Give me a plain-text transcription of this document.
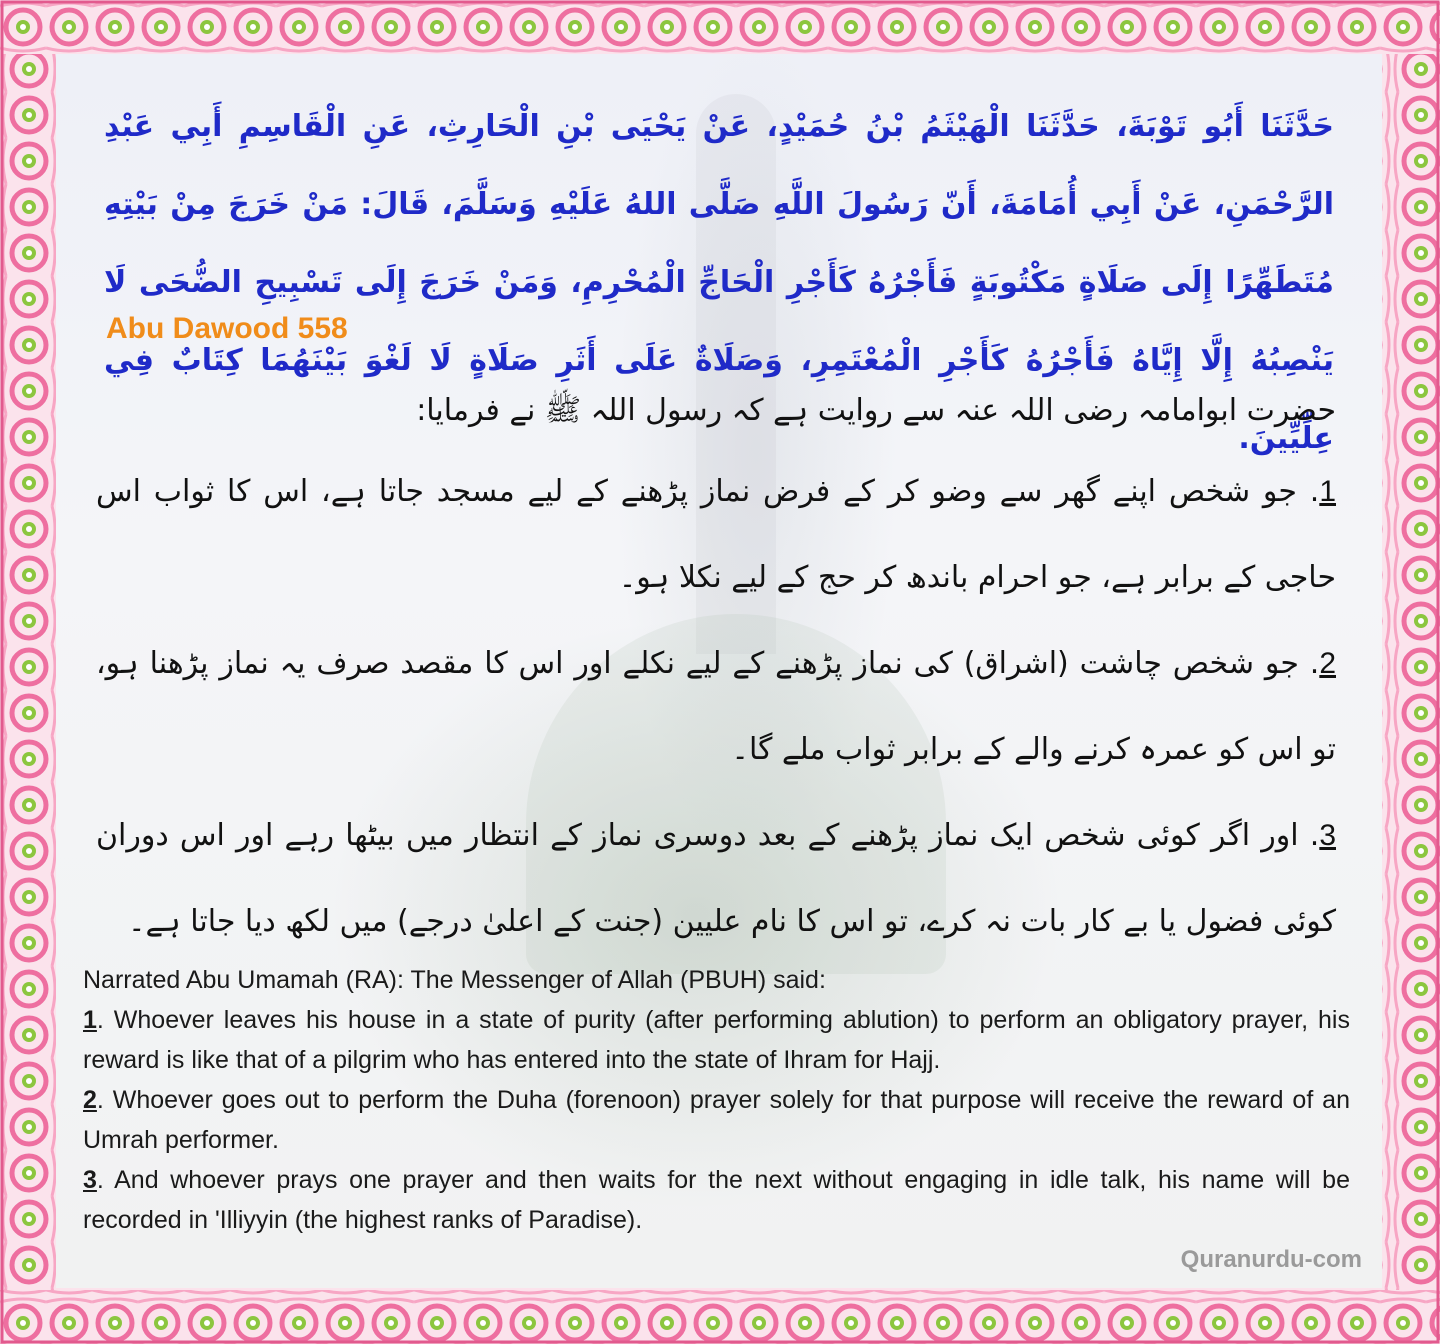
حَدَّثَنَا أَبُو تَوْبَةَ، حَدَّثَنَا الْهَيْثَمُ بْنُ حُمَيْدٍ، عَنْ يَحْيَى بْنِ الْحَارِثِ، عَنِ الْقَاسِمِ أَبِي عَبْدِ الرَّحْمَنِ، عَنْ أَبِي أُمَامَةَ، أَنّ رَسُولَ اللَّهِ صَلَّى اللهُ عَلَيْهِ وَسَلَّمَ، قَالَ: مَنْ خَرَجَ مِنْ بَيْتِهِ مُتَطَهِّرًا إِلَى صَلَاةٍ مَكْتُوبَةٍ فَأَجْرُهُ كَأَجْرِ الْحَاجِّ الْمُحْرِمِ، وَمَنْ خَرَجَ إِلَى تَسْبِيحِ الضُّحَى لَا يَنْصِبُهُ إِلَّا إِيَّاهُ فَأَجْرُهُ كَأَجْرِ الْمُعْتَمِرِ، وَصَلَاةٌ عَلَى أَثَرِ صَلَاةٍ لَا لَغْوَ بَيْنَهُمَا كِتَابٌ فِي عِلِّيِّينَ.
Abu Dawood 558
حضرت ابوامامہ رضی اللہ عنہ سے روایت ہے کہ رسول اللہ ﷺ نے فرمایا:

1. جو شخص اپنے گھر سے وضو کر کے فرض نماز پڑھنے کے لیے مسجد جاتا ہے، اس کا ثواب اس حاجی کے برابر ہے، جو احرام باندھ کر حج کے لیے نکلا ہو۔

2. جو شخص چاشت (اشراق) کی نماز پڑھنے کے لیے نکلے اور اس کا مقصد صرف یہ نماز پڑھنا ہو، تو اس کو عمرہ کرنے والے کے برابر ثواب ملے گا۔

3. اور اگر کوئی شخص ایک نماز پڑھنے کے بعد دوسری نماز کے انتظار میں بیٹھا رہے اور اس دوران کوئی فضول یا بے کار بات نہ کرے، تو اس کا نام علیین (جنت کے اعلیٰ درجے) میں لکھ دیا جاتا ہے۔

Narrated Abu Umamah (RA): The Messenger of Allah (PBUH) said:

1. Whoever leaves his house in a state of purity (after performing ablution) to perform an obligatory prayer, his reward is like that of a pilgrim who has entered into the state of Ihram for Hajj.

2. Whoever goes out to perform the Duha (forenoon) prayer solely for that purpose will receive the reward of an Umrah performer.

3. And whoever prays one prayer and then waits for the next without engaging in idle talk, his name will be recorded in 'Illiyyin (the highest ranks of Paradise).

Quranurdu-com
